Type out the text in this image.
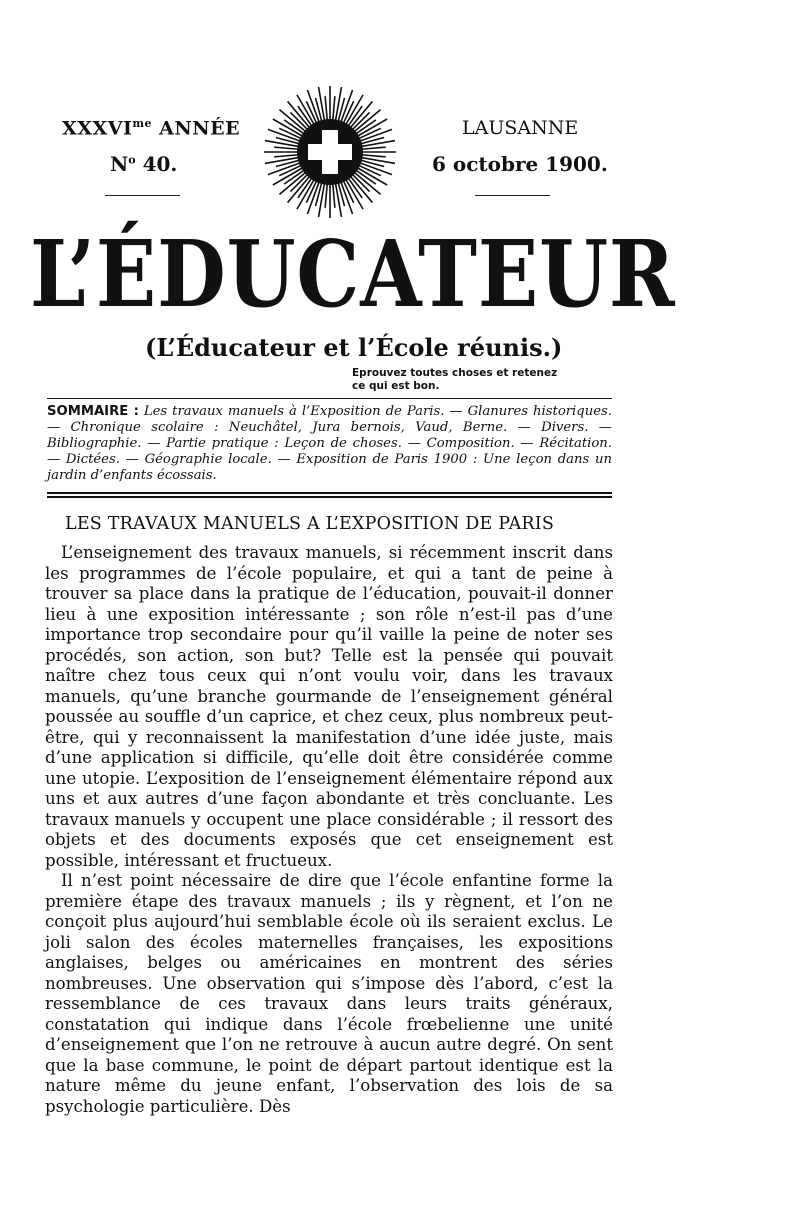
$XXXVI^{me}$ ANNÉE
$N^o$ 40.
LAUSANNE
6 octobre 1900.
L’ÉDUCATEUR
(L’Éducateur et l’École réunis.)
Eprouvez toutes choses et retenez

ce qui est bon.
SOMMAIRE : Les travaux manuels à l’Exposition de Paris. — Glanures historiques. — Chronique scolaire : Neuchâtel, Jura bernois, Vaud, Berne. — Divers. — Bibliographie. — Partie pratique : Leçon de choses. — Composition. — Récitation. — Dictées. — Géographie locale. — Exposition de Paris 1900 : Une leçon dans un jardin d’enfants écossais.
LES TRAVAUX MANUELS A L’EXPOSITION DE PARIS

L’enseignement des travaux manuels, si récemment inscrit dans les programmes de l’école populaire, et qui a tant de peine à trouver sa place dans la pratique de l’éducation, pouvait-il donner lieu à une exposition intéressante ; son rôle n’est-il pas d’une importance trop secondaire pour qu’il vaille la peine de noter ses procédés, son action, son but? Telle est la pensée qui pouvait naître chez tous ceux qui n’ont voulu voir, dans les travaux manuels, qu’une branche gourmande de l’enseignement général poussée au souffle d’un caprice, et chez ceux, plus nombreux peut-être, qui y reconnaissent la manifestation d’une idée juste, mais d’une application si difficile, qu’elle doit être considérée comme une utopie. L’exposition de l’enseignement élémentaire répond aux uns et aux autres d’une façon abondante et très concluante. Les travaux manuels y occupent une place considérable ; il ressort des objets et des documents exposés que cet enseignement est possible, intéressant et fructueux.

Il n’est point nécessaire de dire que l’école enfantine forme la première étape des travaux manuels ; ils y règnent, et l’on ne conçoit plus aujourd’hui semblable école où ils seraient exclus. Le joli salon des écoles maternelles françaises, les expositions anglaises, belges ou américaines en montrent des séries nombreuses. Une observation qui s’impose dès l’abord, c’est la ressemblance de ces travaux dans leurs traits généraux, constatation qui indique dans l’école frœbelienne une unité d’enseignement que l’on ne retrouve à aucun autre degré. On sent que la base commune, le point de départ partout identique est la nature même du jeune enfant, l’observation des lois de sa psychologie particulière. Dès
